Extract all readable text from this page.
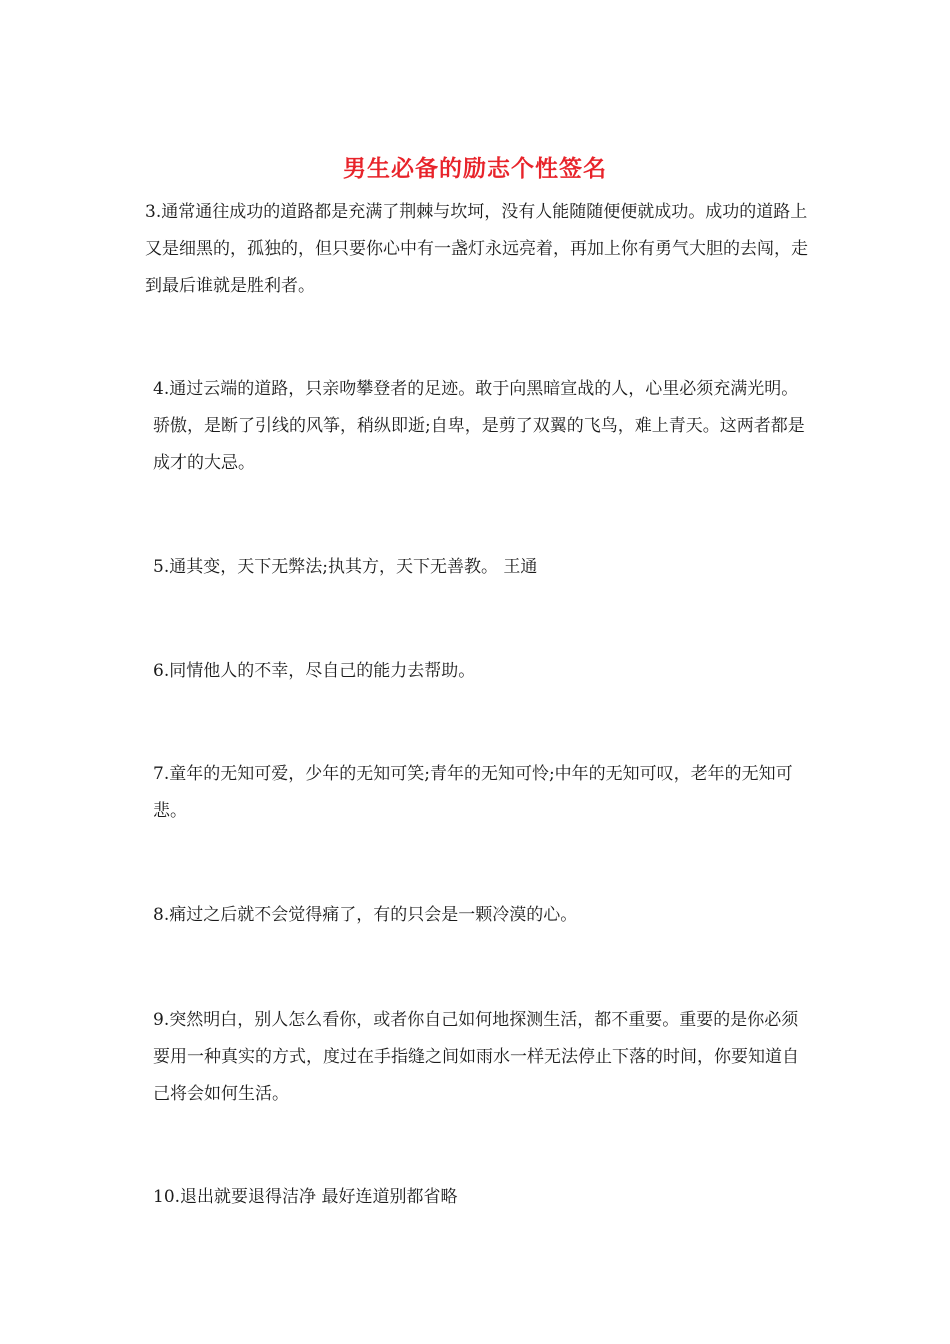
男生必备的励志个性签名

3.通常通往成功的道路都是充满了荆棘与坎坷，没有人能随随便便就成功。成功的道路上又是细黑的，孤独的，但只要你心中有一盏灯永远亮着，再加上你有勇气大胆的去闯，走到最后谁就是胜利者。

4.通过云端的道路，只亲吻攀登者的足迹。敢于向黑暗宣战的人，心里必须充满光明。骄傲，是断了引线的风筝，稍纵即逝;自卑，是剪了双翼的飞鸟，难上青天。这两者都是成才的大忌。

5.通其变，天下无弊法;执其方，天下无善教。 王通

6.同情他人的不幸，尽自己的能力去帮助。

7.童年的无知可爱，少年的无知可笑;青年的无知可怜;中年的无知可叹，老年的无知可悲。

8.痛过之后就不会觉得痛了，有的只会是一颗冷漠的心。

9.突然明白，别人怎么看你，或者你自己如何地探测生活，都不重要。重要的是你必须要用一种真实的方式，度过在手指缝之间如雨水一样无法停止下落的时间，你要知道自己将会如何生活。

10.退出就要退得洁净 最好连道别都省略
